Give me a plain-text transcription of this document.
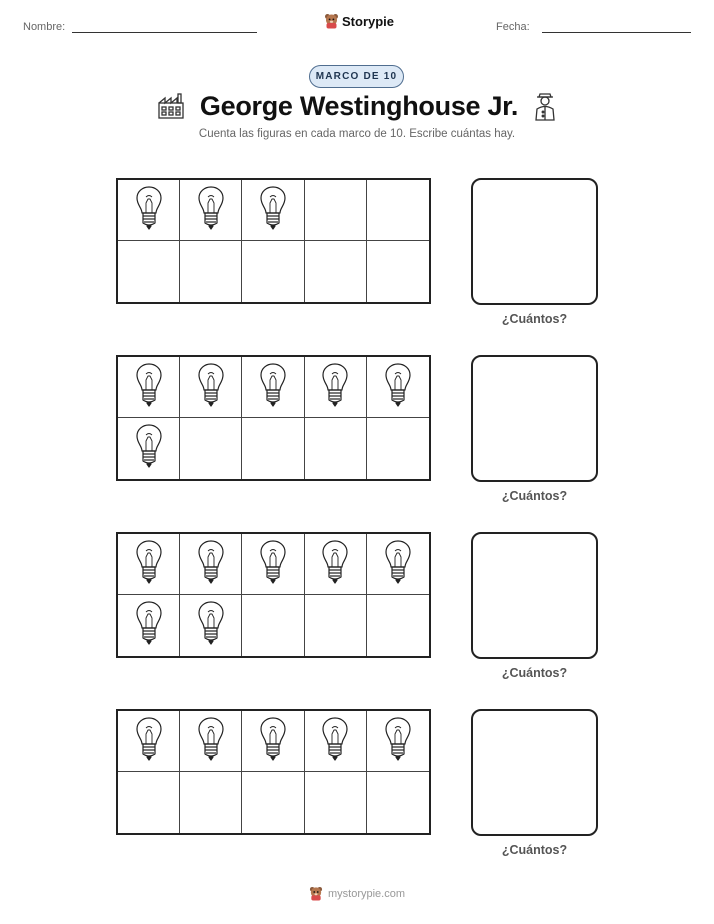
Nombre:	Storypie	Fecha:
MARCO DE 10
George Westinghouse Jr.
Cuenta las figuras en cada marco de 10. Escribe cuántas hay.
¿Cuántos?
¿Cuántos?
¿Cuántos?
¿Cuántos?
mystorypie.com
